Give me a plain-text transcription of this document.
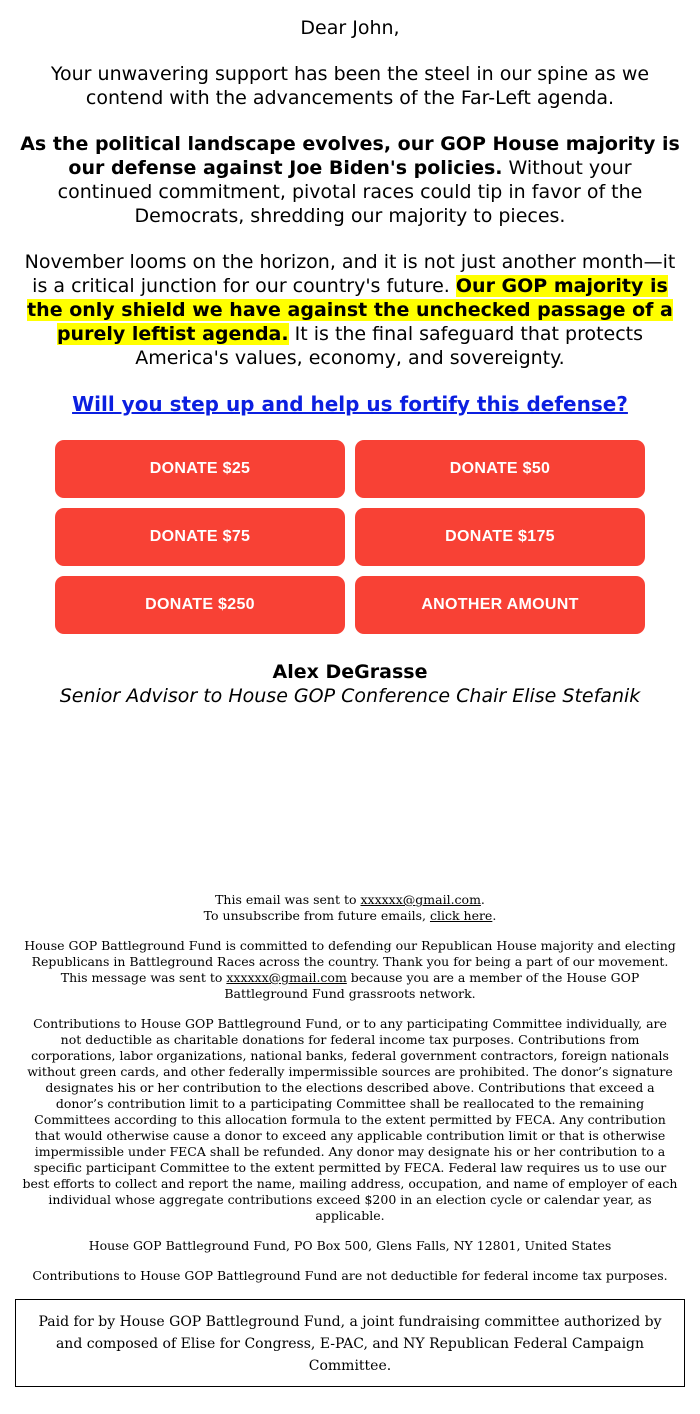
Dear John,

Your unwavering support has been the steel in our spine as we contend with the advancements of the Far-Left agenda.

As the political landscape evolves, our GOP House majority is our defense against Joe Biden's policies. Without your continued commitment, pivotal races could tip in favor of the Democrats, shredding our majority to pieces.

November looms on the horizon, and it is not just another month—it is a critical junction for our country's future. Our GOP majority is the only shield we have against the unchecked passage of a purely leftist agenda. It is the final safeguard that protects America's values, economy, and sovereignty.

Will you step up and help us fortify this defense?

DONATE $25	DONATE $50
DONATE $75	DONATE $175
DONATE $250	ANOTHER AMOUNT
Alex DeGrasse
Senior Advisor to House GOP Conference Chair Elise Stefanik

This email was sent to xxxxxx@gmail.com.

To unsubscribe from future emails, click here.

House GOP Battleground Fund is committed to defending our Republican House majority and electing Republicans in Battleground Races across the country. Thank you for being a part of our movement. This message was sent to xxxxxx@gmail.com because you are a member of the House GOP Battleground Fund grassroots network.

Contributions to House GOP Battleground Fund, or to any participating Committee individually, are not deductible as charitable donations for federal income tax purposes. Contributions from corporations, labor organizations, national banks, federal government contractors, foreign nationals without green cards, and other federally impermissible sources are prohibited. The donor’s signature designates his or her contribution to the elections described above. Contributions that exceed a donor’s contribution limit to a participating Committee shall be reallocated to the remaining Committees according to this allocation formula to the extent permitted by FECA. Any contribution that would otherwise cause a donor to exceed any applicable contribution limit or that is otherwise impermissible under FECA shall be refunded. Any donor may designate his or her contribution to a specific participant Committee to the extent permitted by FECA. Federal law requires us to use our best efforts to collect and report the name, mailing address, occupation, and name of employer of each individual whose aggregate contributions exceed $200 in an election cycle or calendar year, as applicable.

House GOP Battleground Fund, PO Box 500, Glens Falls, NY 12801, United States

Contributions to House GOP Battleground Fund are not deductible for federal income tax purposes.

Paid for by House GOP Battleground Fund, a joint fundraising committee authorized by and composed of Elise for Congress, E-PAC, and NY Republican Federal Campaign Committee.
